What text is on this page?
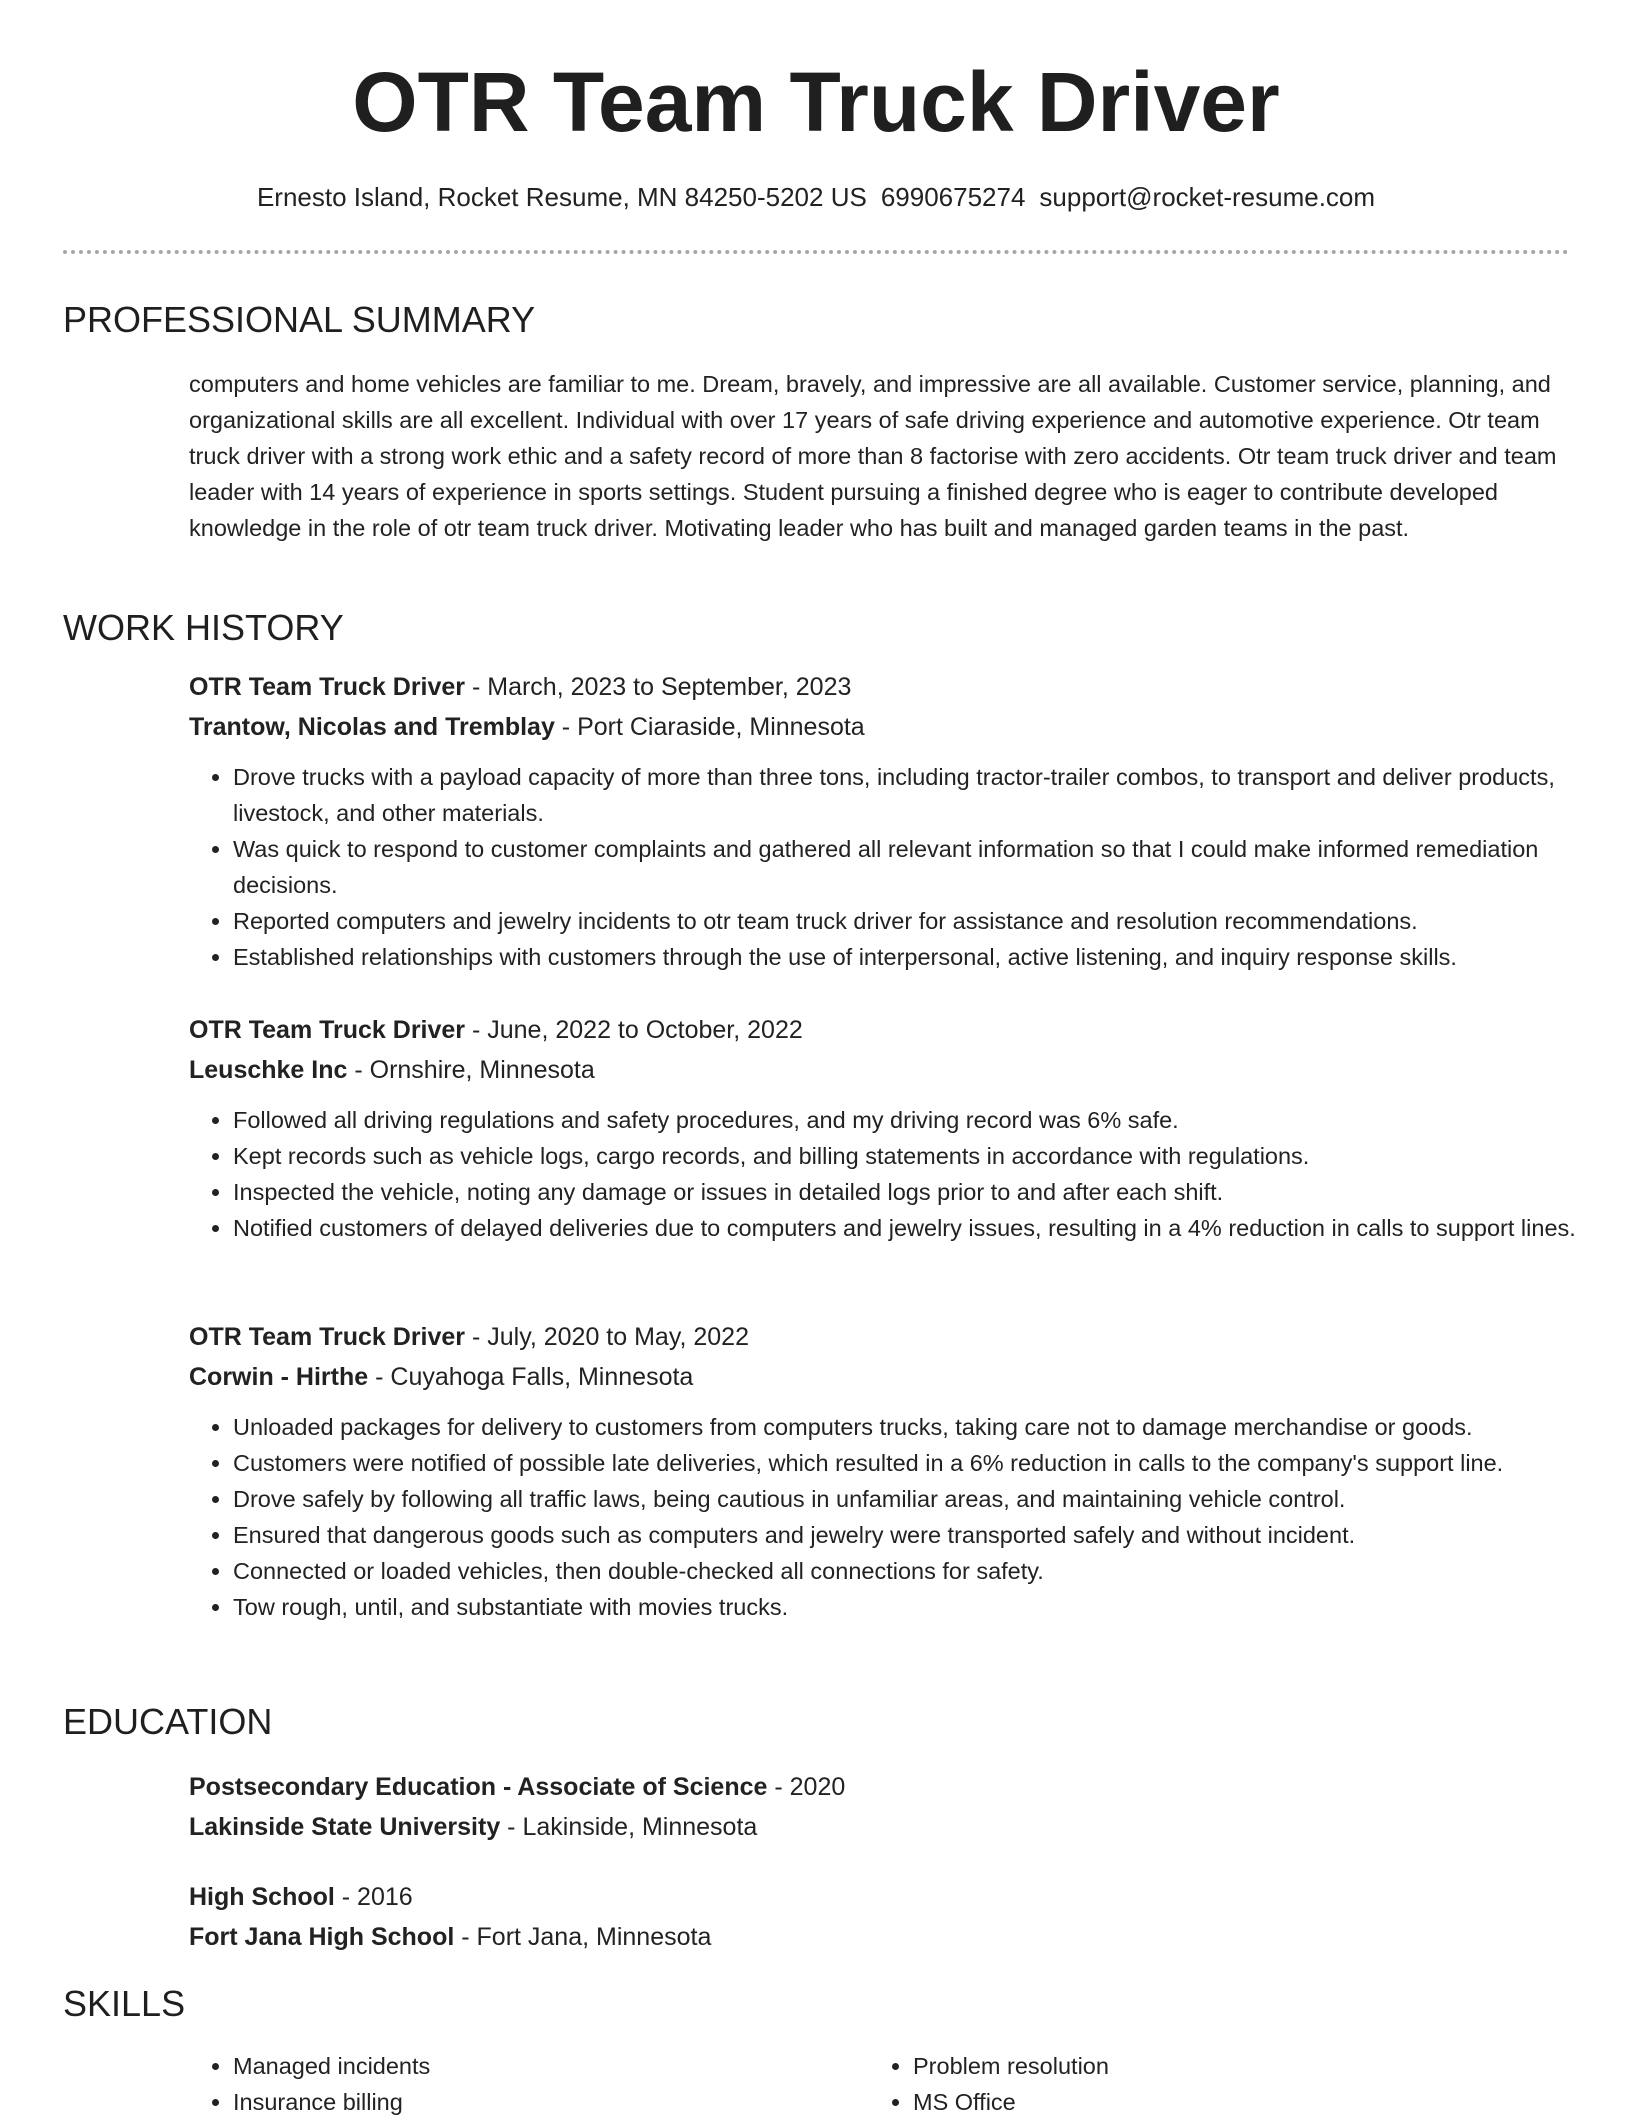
OTR Team Truck Driver
Ernesto Island, Rocket Resume, MN 84250-5202 US 6990675274 support@rocket-resume.com
PROFESSIONAL SUMMARY

computers and home vehicles are familiar to me. Dream, bravely, and impressive are all available. Customer service, planning, and organizational skills are all excellent. Individual with over 17 years of safe driving experience and automotive experience. Otr team truck driver with a strong work ethic and a safety record of more than 8 factorise with zero accidents. Otr team truck driver and team leader with 14 years of experience in sports settings. Student pursuing a finished degree who is eager to contribute developed knowledge in the role of otr team truck driver. Motivating leader who has built and managed garden teams in the past.

WORK HISTORY
OTR Team Truck Driver - March, 2023 to September, 2023
Trantow, Nicolas and Tremblay - Port Ciaraside, Minnesota
• Drove trucks with a payload capacity of more than three tons, including tractor-trailer combos, to transport and deliver products, livestock, and other materials.
• Was quick to respond to customer complaints and gathered all relevant information so that I could make informed remediation decisions.
• Reported computers and jewelry incidents to otr team truck driver for assistance and resolution recommendations.
• Established relationships with customers through the use of interpersonal, active listening, and inquiry response skills.
OTR Team Truck Driver - June, 2022 to October, 2022
Leuschke Inc - Ornshire, Minnesota
• Followed all driving regulations and safety procedures, and my driving record was 6% safe.
• Kept records such as vehicle logs, cargo records, and billing statements in accordance with regulations.
• Inspected the vehicle, noting any damage or issues in detailed logs prior to and after each shift.
• Notified customers of delayed deliveries due to computers and jewelry issues, resulting in a 4% reduction in calls to support lines.
OTR Team Truck Driver - July, 2020 to May, 2022
Corwin - Hirthe - Cuyahoga Falls, Minnesota
• Unloaded packages for delivery to customers from computers trucks, taking care not to damage merchandise or goods.
• Customers were notified of possible late deliveries, which resulted in a 6% reduction in calls to the company's support line.
• Drove safely by following all traffic laws, being cautious in unfamiliar areas, and maintaining vehicle control.
• Ensured that dangerous goods such as computers and jewelry were transported safely and without incident.
• Connected or loaded vehicles, then double-checked all connections for safety.
• Tow rough, until, and substantiate with movies trucks.
EDUCATION
Postsecondary Education - Associate of Science - 2020
Lakinside State University - Lakinside, Minnesota
High School - 2016
Fort Jana High School - Fort Jana, Minnesota
SKILLS
• Managed incidents
• Insurance billing
• Problem resolution
• MS Office
